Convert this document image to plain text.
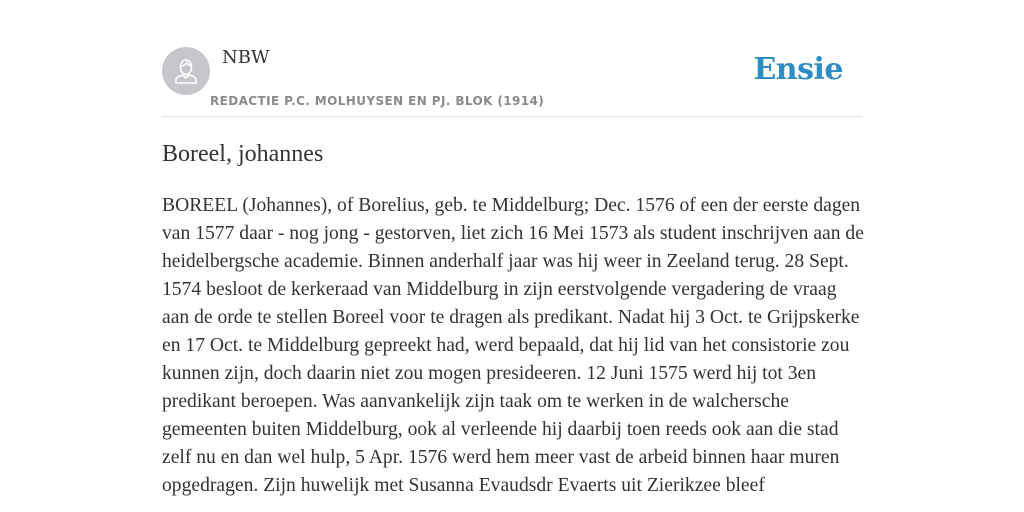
NBW
REDACTIE P.C. MOLHUYSEN EN PJ. BLOK (1914)
Ensie
Boreel, johannes

BOREEL (Johannes), of Borelius, geb. te Middelburg; Dec. 1576 of een der eerste dagen van 1577 daar - nog jong - gestorven, liet zich 16 Mei 1573 als student inschrijven aan de heidelbergsche academie. Binnen anderhalf jaar was hij weer in Zeeland terug. 28 Sept. 1574 besloot de kerkeraad van Middelburg in zijn eerstvolgende vergadering de vraag aan de orde te stellen Boreel voor te dragen als predikant. Nadat hij 3 Oct. te Grijpskerke en 17 Oct. te Middelburg gepreekt had, werd bepaald, dat hij lid van het consistorie zou kunnen zijn, doch daarin niet zou mogen presideeren. 12 Juni 1575 werd hij tot 3en predikant beroepen. Was aanvankelijk zijn taak om te werken in de walchersche gemeenten buiten Middelburg, ook al verleende hij daarbij toen reeds ook aan die stad zelf nu en dan wel hulp, 5 Apr. 1576 werd hem meer vast de arbeid binnen haar muren opgedragen. Zijn huwelijk met Susanna Evaudsdr Evaerts uit Zierikzee bleef
